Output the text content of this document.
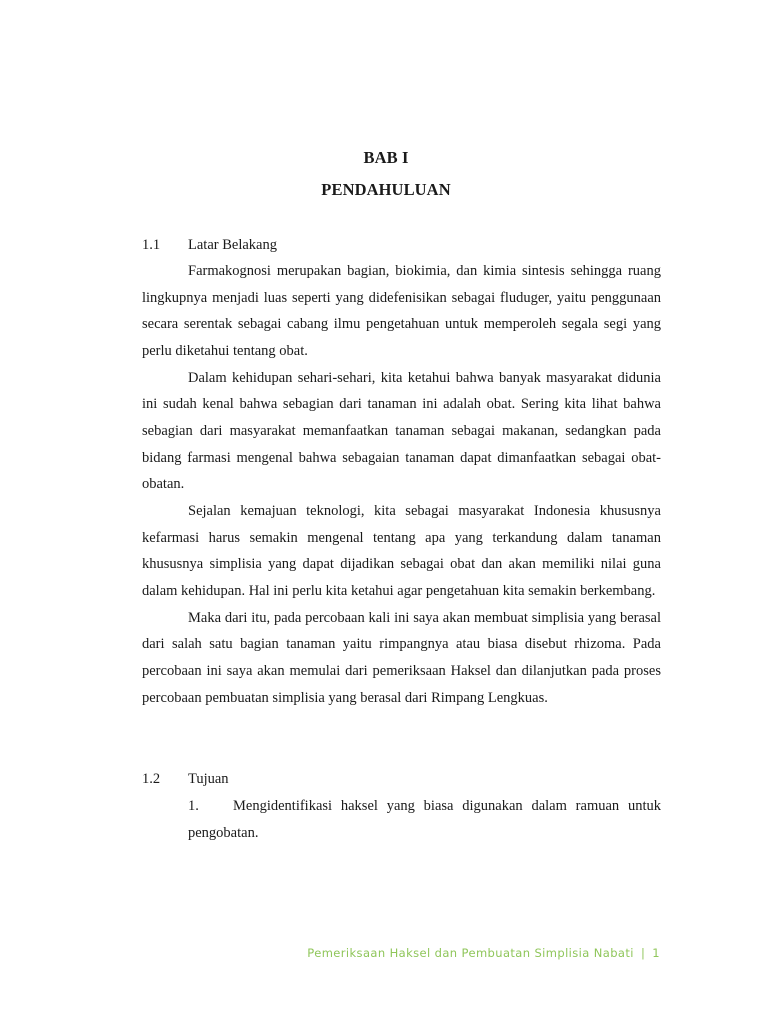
BAB I
PENDAHULUAN
1.1 Latar Belakang

Farmakognosi merupakan bagian, biokimia, dan kimia sintesis sehingga ruang lingkupnya menjadi luas seperti yang didefenisikan sebagai fluduger, yaitu penggunaan secara serentak sebagai cabang ilmu pengetahuan untuk memperoleh segala segi yang perlu diketahui tentang obat.

Dalam kehidupan sehari-sehari, kita ketahui bahwa banyak masyarakat didunia ini sudah kenal bahwa sebagian dari tanaman ini adalah obat. Sering kita lihat bahwa sebagian dari masyarakat memanfaatkan tanaman sebagai makanan, sedangkan pada bidang farmasi mengenal bahwa sebagaian tanaman dapat dimanfaatkan sebagai obat-obatan.

Sejalan kemajuan teknologi, kita sebagai masyarakat Indonesia khususnya kefarmasi harus semakin mengenal tentang apa yang terkandung dalam tanaman khususnya simplisia yang dapat dijadikan sebagai obat dan akan memiliki nilai guna dalam kehidupan. Hal ini perlu kita ketahui agar pengetahuan kita semakin berkembang.

Maka dari itu, pada percobaan kali ini saya akan membuat simplisia yang berasal dari salah satu bagian tanaman yaitu rimpangnya atau biasa disebut rhizoma. Pada percobaan ini saya akan memulai dari pemeriksaan Haksel dan dilanjutkan pada proses percobaan pembuatan simplisia yang berasal dari Rimpang Lengkuas.

1.2 Tujuan
1. Mengidentifikasi haksel yang biasa digunakan dalam ramuan untuk pengobatan.
Pemeriksaan Haksel dan Pembuatan Simplisia Nabati | 1
